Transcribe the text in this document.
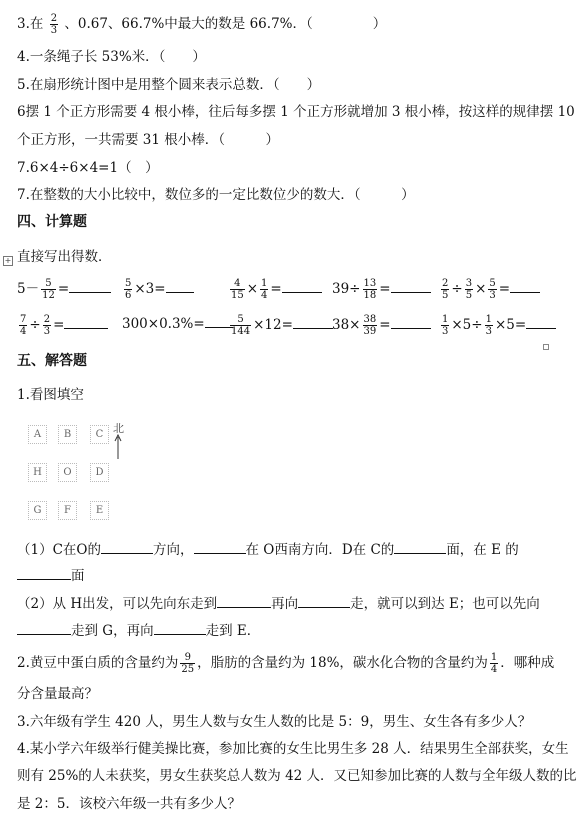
3.在 $\frac{2}{3}$ 、0.67、66.7%中最大的数是 66.7%．（	）
4.一条绳子长 53%米．（　　）
5.在扇形统计图中是用整个圆来表示总数．（　　）
6摆 1 个正方形需要 4 根小棒，往后每多摆 1 个正方形就增加 3 根小棒，按这样的规律摆 10
个正方形，一共需要 31 根小棒．（　　　）
7.6×4÷6×4=1（　）
7.在整数的大小比较中，数位多的一定比数位少的数大．（　　　）
四、计算题
+ 直接写出得数．
$5- \frac{5}{12}$ =	$\frac{5}{6} \times 3=$	$\frac{4}{15} \times \frac{1}{4}$ =	$39\div \frac{13}{18}$ =	$\frac{2}{5} \div \frac{3}{5} \times \frac{5}{3}$ =
$\frac{7}{4} \div \frac{2}{3}$ =	300×0.3%=	$\frac{5}{144} \times 12=$	$38\times \frac{38}{39}$ =	$\frac{1}{3} \times 5\div \frac{1}{3} \times 5=$
五、解答题
1.看图填空
A	B	C
H	O	D
G	F	E
北
（1）C在O的	方向，	在 O西南方向．D在 C的	面，在 E 的
面
（2）从 H出发，可以先向东走到	再向	走，就可以到达 E；也可以先向
走到 G，再向	走到 E．
2.黄豆中蛋白质的含量约为 $\frac{9}{25}$ ，脂肪的含量约为 18%，碳水化合物的含量约为 $\frac{1}{4}$ ．哪种成
分含量最高？
3.六年级有学生 420 人，男生人数与女生人数的比是 5：9，男生、女生各有多少人？
4.某小学六年级举行健美操比赛，参加比赛的女生比男生多 28 人．结果男生全部获奖，女生
则有 25%的人未获奖，男女生获奖总人数为 42 人．又已知参加比赛的人数与全年级人数的比
是 2：5．该校六年级一共有多少人？
